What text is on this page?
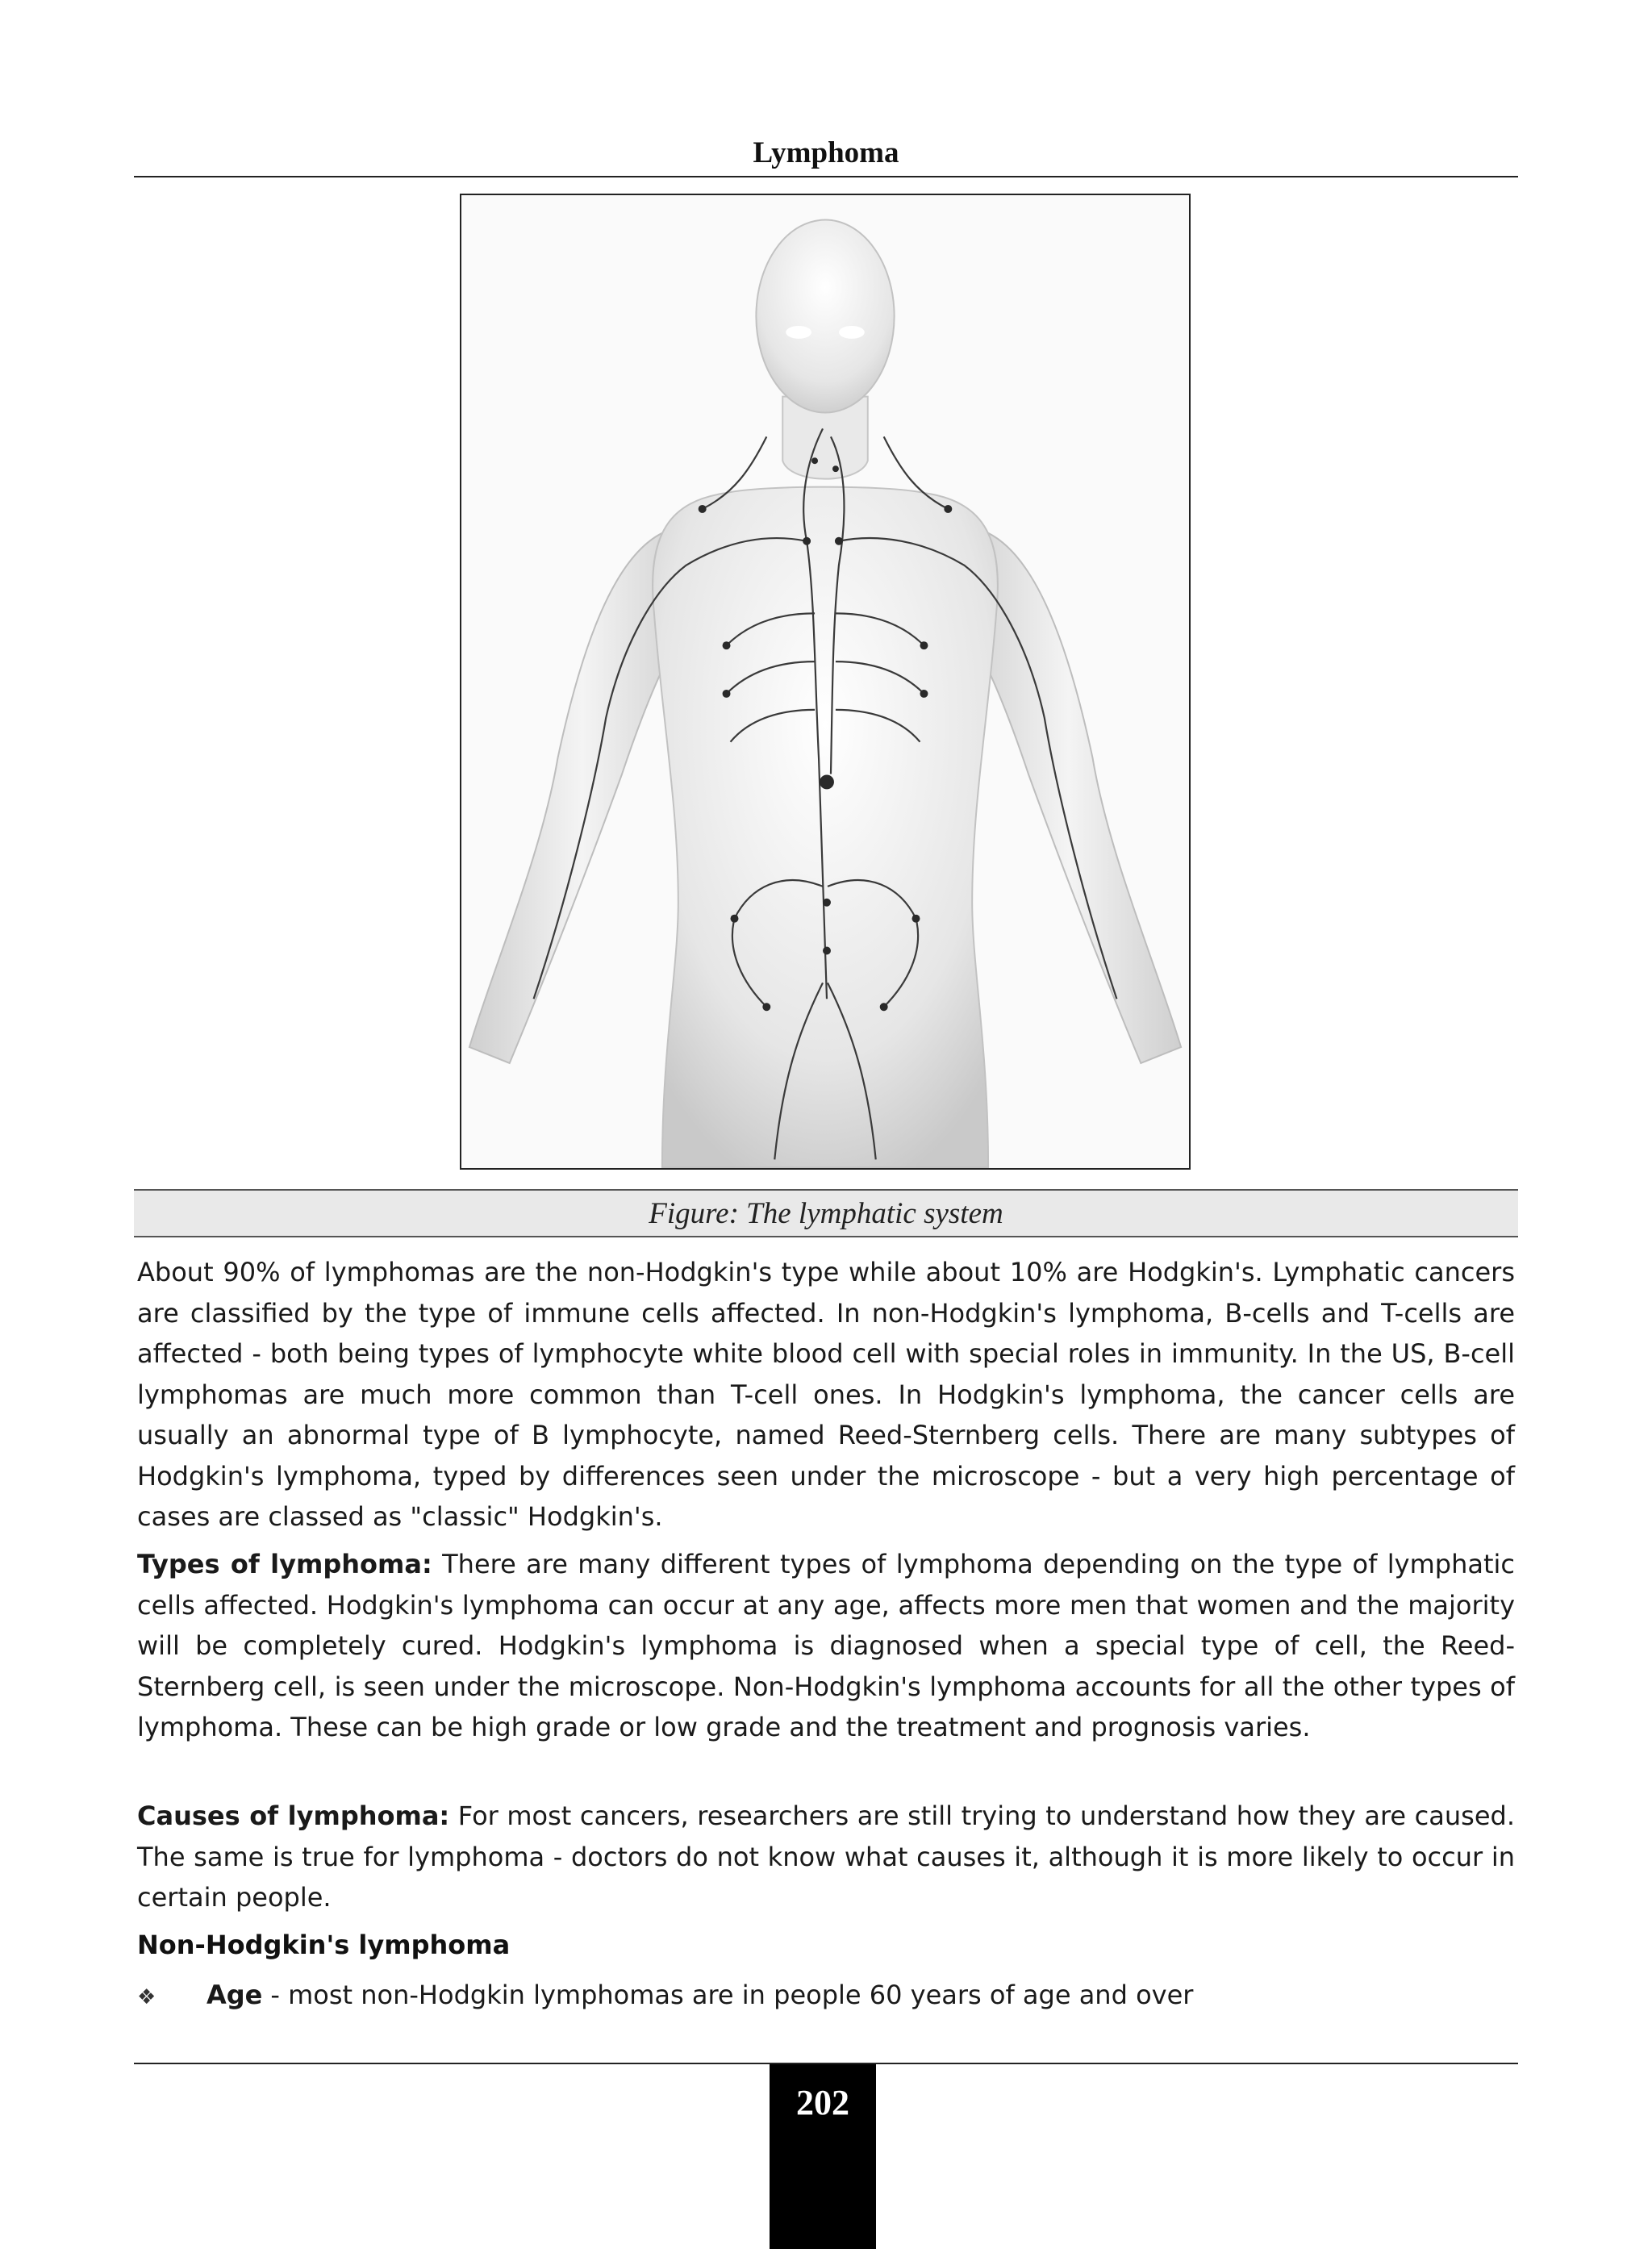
Lymphoma
Figure: The lymphatic system

About 90% of lymphomas are the non-Hodgkin's type while about 10% are Hodgkin's. Lymphatic cancers are classified by the type of immune cells affected. In non-Hodgkin's lymphoma, B-cells and T-cells are affected - both being types of lymphocyte white blood cell with special roles in immunity. In the US, B-cell lymphomas are much more common than T-cell ones. In Hodgkin's lymphoma, the cancer cells are usually an abnormal type of B lymphocyte, named Reed-Sternberg cells. There are many subtypes of Hodgkin's lymphoma, typed by differences seen under the microscope - but a very high percentage of cases are classed as "classic" Hodgkin's.

Types of lymphoma: There are many different types of lymphoma depending on the type of lymphatic cells affected. Hodgkin's lymphoma can occur at any age, affects more men that women and the majority will be completely cured. Hodgkin's lymphoma is diagnosed when a special type of cell, the Reed-Sternberg cell, is seen under the microscope. Non-Hodgkin's lymphoma accounts for all the other types of lymphoma. These can be high grade or low grade and the treatment and prognosis varies.

Causes of lymphoma: For most cancers, researchers are still trying to understand how they are caused. The same is true for lymphoma - doctors do not know what causes it, although it is more likely to occur in certain people.

Non-Hodgkin's lymphoma
❖	Age - most non-Hodgkin lymphomas are in people 60 years of age and over
202
